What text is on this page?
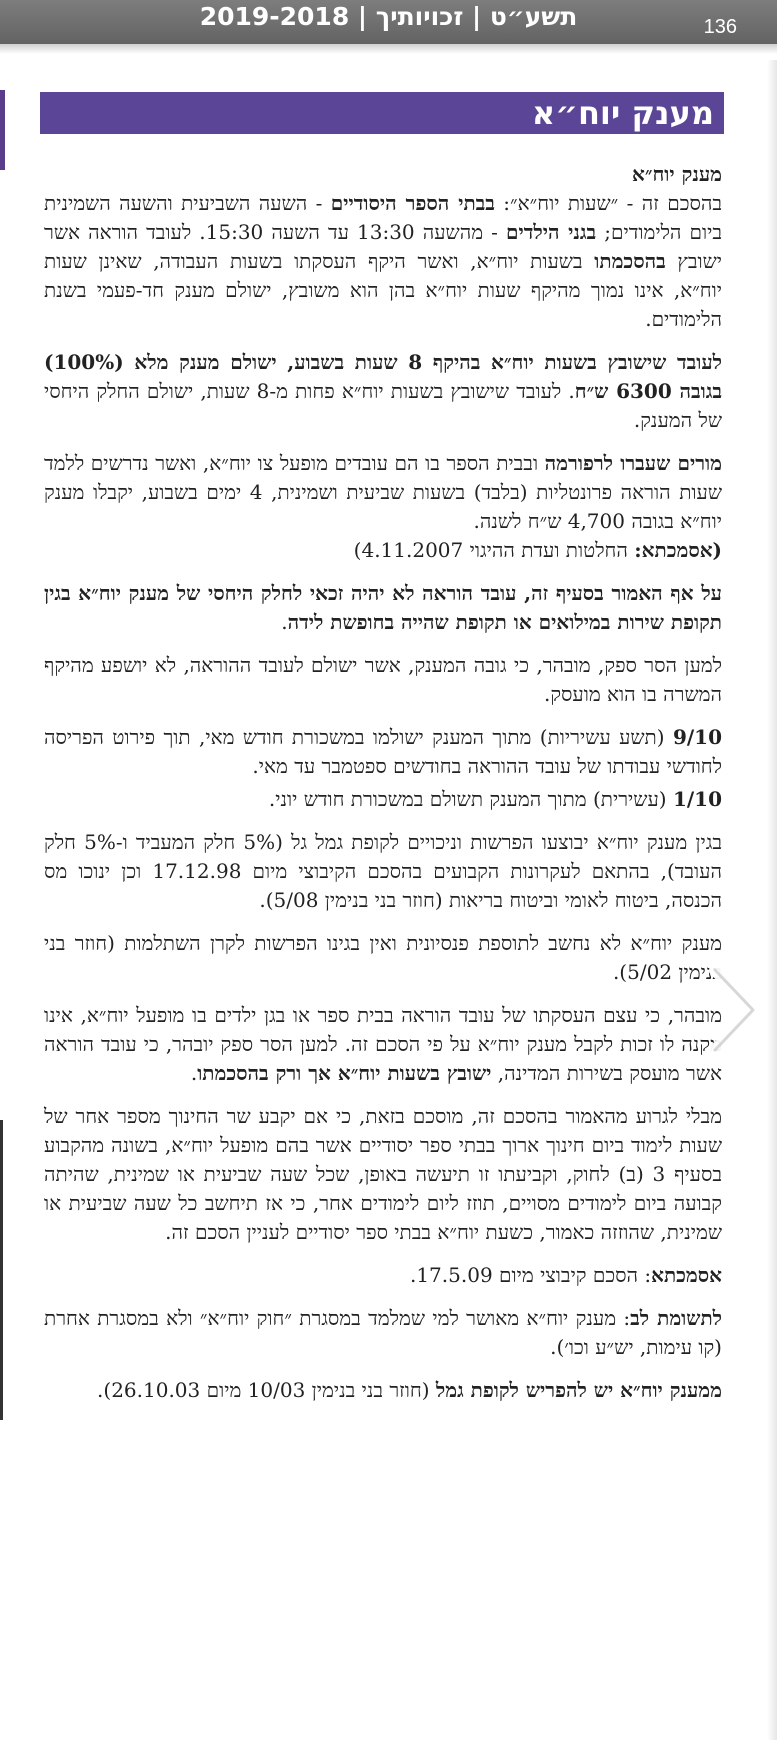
2019-2018 | תשע״ט | זכויותיך	136
מענק יוח״א

מענק יוח״א
בהסכם זה - ״שעות יוח״א״: בבתי הספר היסודיים - השעה השביעית והשעה השמינית ביום הלימודים; בגני הילדים - מהשעה 13:30 עד השעה 15:30. לעובד הוראה אשר ישובץ בהסכמתו בשעות יוח״א, ואשר היקף העסקתו בשעות העבודה, שאינן שעות יוח״א, אינו נמוך מהיקף שעות יוח״א בהן הוא משובץ, ישולם מענק חד-פעמי בשנת הלימודים.

לעובד שישובץ בשעות יוח״א בהיקף 8 שעות בשבוע, ישולם מענק מלא (100%) בגובה 6300 ש״ח. לעובד שישובץ בשעות יוח״א פחות מ-8 שעות, ישולם החלק היחסי של המענק.

מורים שעברו לרפורמה ובבית הספר בו הם עובדים מופעל צו יוח״א, ואשר נדרשים ללמד שעות הוראה פרונטליות (בלבד) בשעות שביעית ושמינית, 4 ימים בשבוע, יקבלו מענק יוח״א בגובה 4,700 ש״ח לשנה.
(אסמכתא: החלטות ועדת ההיגוי 4.11.2007)

על אף האמור בסעיף זה, עובד הוראה לא יהיה זכאי לחלק היחסי של מענק יוח״א בגין תקופת שירות במילואים או תקופת שהייה בחופשת לידה.

למען הסר ספק, מובהר, כי גובה המענק, אשר ישולם לעובד ההוראה, לא יושפע מהיקף המשרה בו הוא מועסק.

9/10 (תשע עשיריות) מתוך המענק ישולמו במשכורת חודש מאי, תוך פירוט הפריסה לחודשי עבודתו של עובד ההוראה בחודשים ספטמבר עד מאי.

1/10 (עשירית) מתוך המענק תשולם במשכורת חודש יוני.

בגין מענק יוח״א יבוצעו הפרשות וניכויים לקופת גמל גל (5% חלק המעביד ו-5% חלק העובד), בהתאם לעקרונות הקבועים בהסכם הקיבוצי מיום 17.12.98 וכן ינוכו מס הכנסה, ביטוח לאומי וביטוח בריאות (חוזר בני בנימין 5/08).

מענק יוח״א לא נחשב לתוספת פנסיונית ואין בגינו הפרשות לקרן השתלמות (חוזר בני בנימין 5/02).

מובהר, כי עצם העסקתו של עובד הוראה בבית ספר או בגן ילדים בו מופעל יוח״א, אינו מקנה לו זכות לקבל מענק יוח״א על פי הסכם זה. למען הסר ספק יובהר, כי עובד הוראה אשר מועסק בשירות המדינה, ישובץ בשעות יוח״א אך ורק בהסכמתו.

מבלי לגרוע מהאמור בהסכם זה, מוסכם בזאת, כי אם יקבע שר החינוך מספר אחר של שעות לימוד ביום חינוך ארוך בבתי ספר יסודיים אשר בהם מופעל יוח״א, בשונה מהקבוע בסעיף 3 (ב) לחוק, וקביעתו זו תיעשה באופן, שכל שעה שביעית או שמינית, שהיתה קבועה ביום לימודים מסויים, תוזז ליום לימודים אחר, כי אז תיחשב כל שעה שביעית או שמינית, שהוזזה כאמור, כשעת יוח״א בבתי ספר יסודיים לעניין הסכם זה.

אסמכתא: הסכם קיבוצי מיום 17.5.09.

לתשומת לב: מענק יוח״א מאושר למי שמלמד במסגרת ״חוק יוח״א״ ולא במסגרת אחרת (קו עימות, יש״ע וכו׳).

ממענק יוח״א יש להפריש לקופת גמל (חוזר בני בנימין 10/03 מיום 26.10.03).
